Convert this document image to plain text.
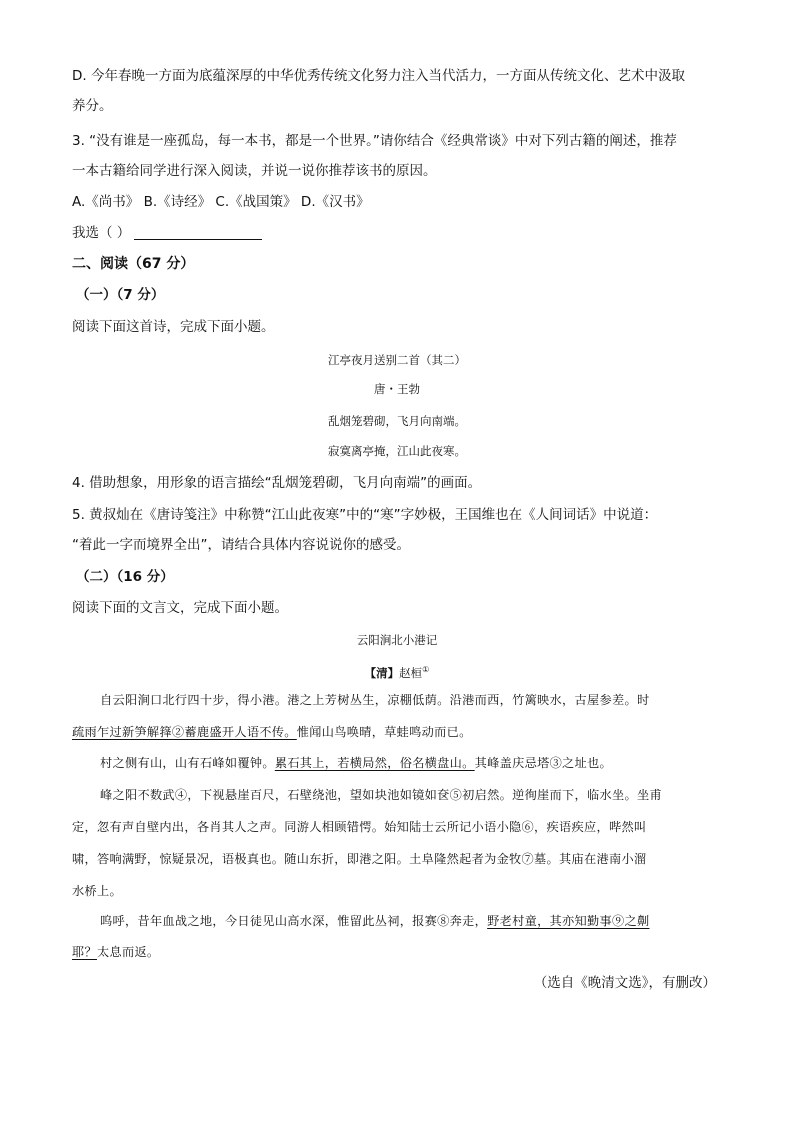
D. 今年春晚一方面为底蕴深厚的中华优秀传统文化努力注入当代活力，一方面从传统文化、艺术中汲取
养分。
3. “没有谁是一座孤岛，每一本书，都是一个世界。”请你结合《经典常谈》中对下列古籍的阐述，推荐
一本古籍给同学进行深入阅读，并说一说你推荐该书的原因。
A.《尚书》 B.《诗经》 C.《战国策》 D.《汉书》
我选（ ）
二、阅读（67 分）
（一）（7 分）
阅读下面这首诗，完成下面小题。
江亭夜月送别二首（其二）
唐・王勃
乱烟笼碧砌，飞月向南端。
寂寞离亭掩，江山此夜寒。
4. 借助想象，用形象的语言描绘“乱烟笼碧砌，飞月向南端”的画面。
5. 黄叔灿在《唐诗笺注》中称赞“江山此夜寒”中的“寒”字妙极，王国维也在《人间词话》中说道：
“着此一字而境界全出”，请结合具体内容说说你的感受。
（二）（16 分）
阅读下面的文言文，完成下面小题。
云阳涧北小港记
【清】赵桓①
自云阳涧口北行四十步，得小港。港之上芳树丛生，凉棚低荫。沿港而西，竹篱映水，古屋参差。时
疏雨乍过新笋解箨②蓄鹿盛开人语不传。惟闻山鸟唤晴，草蛙鸣动而已。
村之侧有山，山有石峰如覆钟。累石其上，若横局然，俗名横盘山。其峰盖庆忌塔③之址也。
峰之阳不数武④，下视悬崖百尺，石壁绕池，望如块池如镜如奁⑤初启然。逆徇崖而下，临水坐。坐甫
定，忽有声自壁内出，各肖其人之声。同游人相顾错愕。始知陆士云所记小语小隐⑥，疾语疾应，哔然叫
啸，答响满野，惊疑景况，语极真也。随山东折，即港之阳。土阜隆然起者为金牧⑦墓。其庙在港南小溜
水桥上。
呜呼，昔年血战之地，今日徒见山高水深，惟留此丛祠，报赛⑧奔走，野老村童，其亦知勤事⑨之劓
耶？太息而返。
（选自《晚清文选》，有删改）
